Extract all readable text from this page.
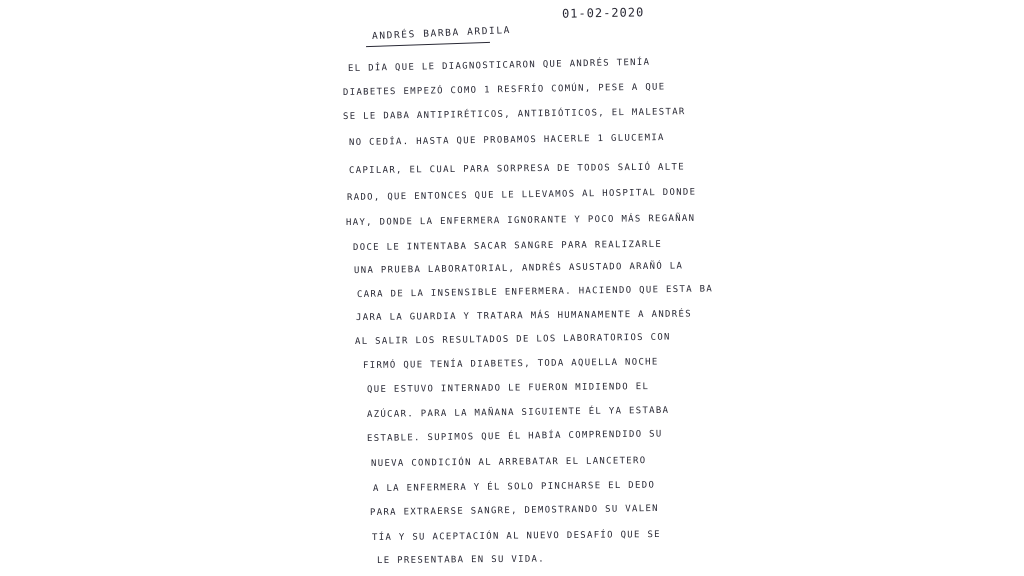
01-02-2020
ANDRÉS BARBA ARDILA
EL DÍA QUE LE DIAGNOSTICARON QUE ANDRÉS TENÍA
DIABETES EMPEZÓ COMO 1 RESFRÍO COMÚN, PESE A QUE
SE LE DABA ANTIPIRÉTICOS, ANTIBIÓTICOS, EL MALESTAR
NO CEDÍA. HASTA QUE PROBAMOS HACERLE 1 GLUCEMIA
CAPILAR, EL CUAL PARA SORPRESA DE TODOS SALIÓ ALTE
RADO, QUE ENTONCES QUE LE LLEVAMOS AL HOSPITAL DONDE
HAY, DONDE LA ENFERMERA IGNORANTE Y POCO MÁS REGAÑAN
DOCE LE INTENTABA SACAR SANGRE PARA REALIZARLE
UNA PRUEBA LABORATORIAL, ANDRÉS ASUSTADO ARAÑÓ LA
CARA DE LA INSENSIBLE ENFERMERA. HACIENDO QUE ESTA BA
JARA LA GUARDIA Y TRATARA MÁS HUMANAMENTE A ANDRÉS
AL SALIR LOS RESULTADOS DE LOS LABORATORIOS CON
FIRMÓ QUE TENÍA DIABETES, TODA AQUELLA NOCHE
QUE ESTUVO INTERNADO LE FUERON MIDIENDO EL
AZÚCAR. PARA LA MAÑANA SIGUIENTE ÉL YA ESTABA
ESTABLE. SUPIMOS QUE ÉL HABÍA COMPRENDIDO SU
NUEVA CONDICIÓN AL ARREBATAR EL LANCETERO
A LA ENFERMERA Y ÉL SOLO PINCHARSE EL DEDO
PARA EXTRAERSE SANGRE, DEMOSTRANDO SU VALEN
TÍA Y SU ACEPTACIÓN AL NUEVO DESAFÍO QUE SE
LE PRESENTABA EN SU VIDA.
